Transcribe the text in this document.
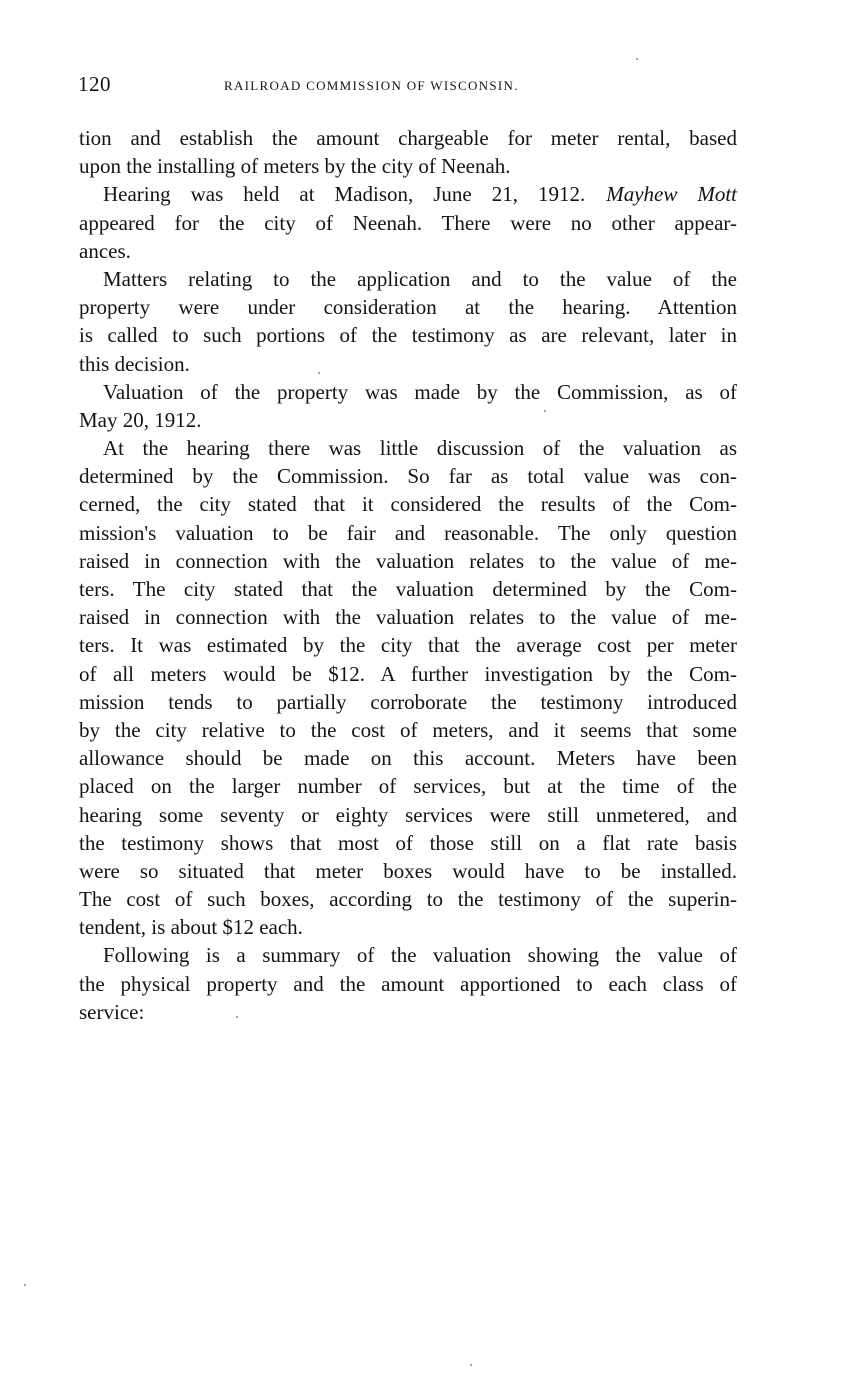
120	RAILROAD COMMISSION OF WISCONSIN.
tion and establish the amount chargeable for meter rental, based
upon the installing of meters by the city of Neenah.
Hearing was held at Madison, June 21, 1912.  Mayhew Mott
appeared for the city of Neenah. There were no other appear-
ances.
Matters relating to the application and to the value of the
property were under consideration at the hearing. Attention
is called to such portions of the testimony as are relevant, later in
this decision.
Valuation of the property was made by the Commission, as of
May 20, 1912.
At the hearing there was little discussion of the valuation as
determined by the Commission. So far as total value was con-
cerned, the city stated that it considered the results of the Com-
mission's valuation to be fair and reasonable. The only question
raised in connection with the valuation relates to the value of me-
ters. The city stated that the valuation determined by the Com-
raised in connection with the valuation relates to the value of me-
ters. It was estimated by the city that the average cost per meter
of all meters would be $12. A further investigation by the Com-
mission tends to partially corroborate the testimony introduced
by the city relative to the cost of meters, and it seems that some
allowance should be made on this account. Meters have been
placed on the larger number of services, but at the time of the
hearing some seventy or eighty services were still unmetered, and
the testimony shows that most of those still on a flat rate basis
were so situated that meter boxes would have to be installed.
The cost of such boxes, according to the testimony of the superin-
tendent, is about $12 each.
Following is a summary of the valuation showing the value of
the physical property and the amount apportioned to each class of
service:
